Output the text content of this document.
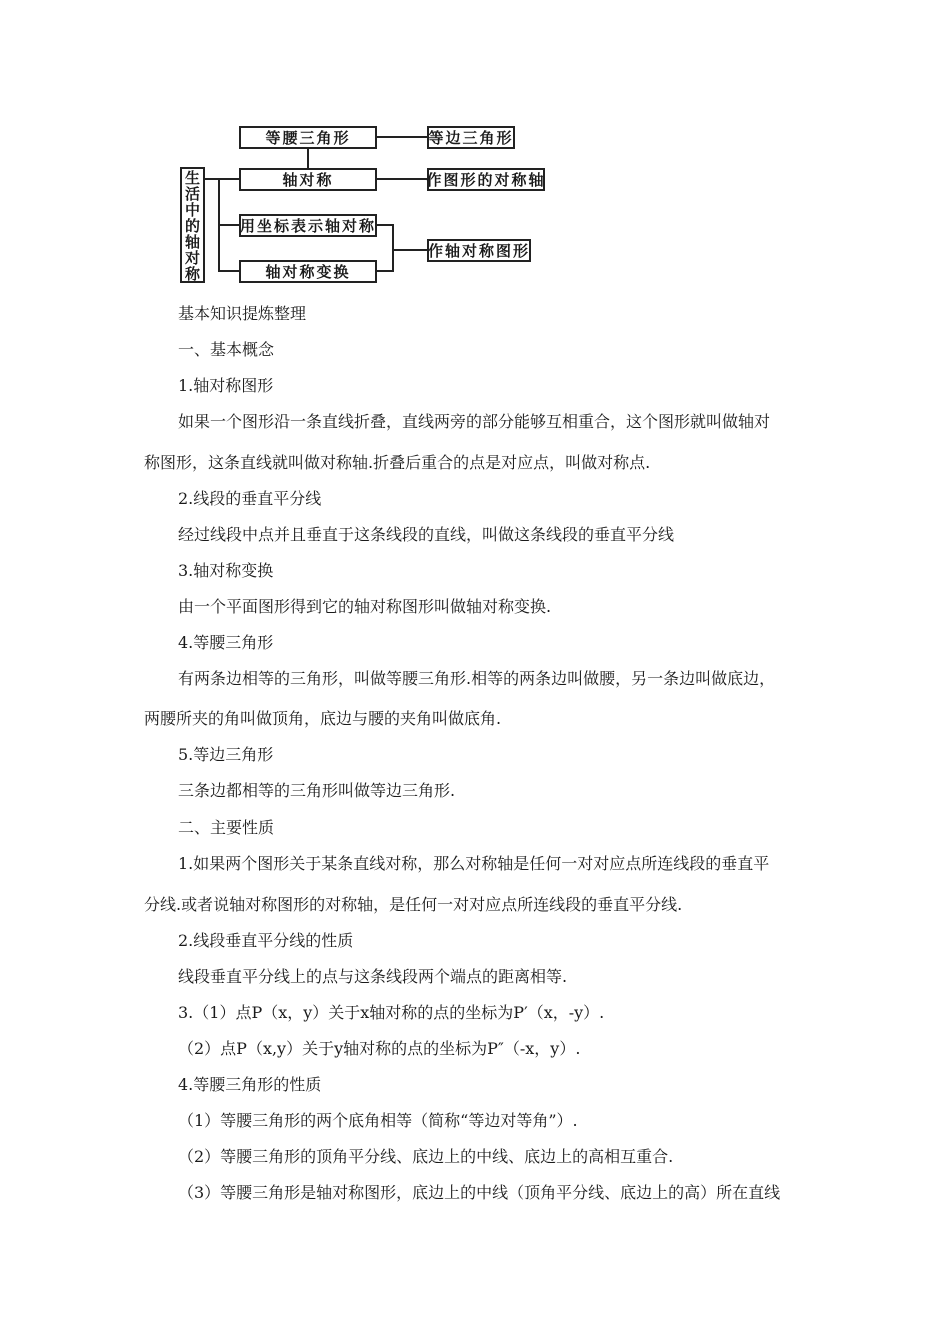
生活中的轴对称
等腰三角形
轴对称
用坐标表示轴对称
轴对称变换
等边三角形
作图形的对称轴
作轴对称图形
基本知识提炼整理
一、基本概念
1.轴对称图形
如果一个图形沿一条直线折叠，直线两旁的部分能够互相重合，这个图形就叫做轴对
称图形，这条直线就叫做对称轴.折叠后重合的点是对应点，叫做对称点.
2.线段的垂直平分线
经过线段中点并且垂直于这条线段的直线，叫做这条线段的垂直平分线
3.轴对称变换
由一个平面图形得到它的轴对称图形叫做轴对称变换.
4.等腰三角形
有两条边相等的三角形，叫做等腰三角形.相等的两条边叫做腰，另一条边叫做底边，
两腰所夹的角叫做顶角，底边与腰的夹角叫做底角.
5.等边三角形
三条边都相等的三角形叫做等边三角形.
二、主要性质
1.如果两个图形关于某条直线对称，那么对称轴是任何一对对应点所连线段的垂直平
分线.或者说轴对称图形的对称轴，是任何一对对应点所连线段的垂直平分线.
2.线段垂直平分线的性质
线段垂直平分线上的点与这条线段两个端点的距离相等.
3.（1）点P（x，y）关于x轴对称的点的坐标为P′（x，-y）.
（2）点P（x,y）关于y轴对称的点的坐标为P″（-x，y）.
4.等腰三角形的性质
（1）等腰三角形的两个底角相等（简称“等边对等角”）.
（2）等腰三角形的顶角平分线、底边上的中线、底边上的高相互重合.
（3）等腰三角形是轴对称图形，底边上的中线（顶角平分线、底边上的高）所在直线
